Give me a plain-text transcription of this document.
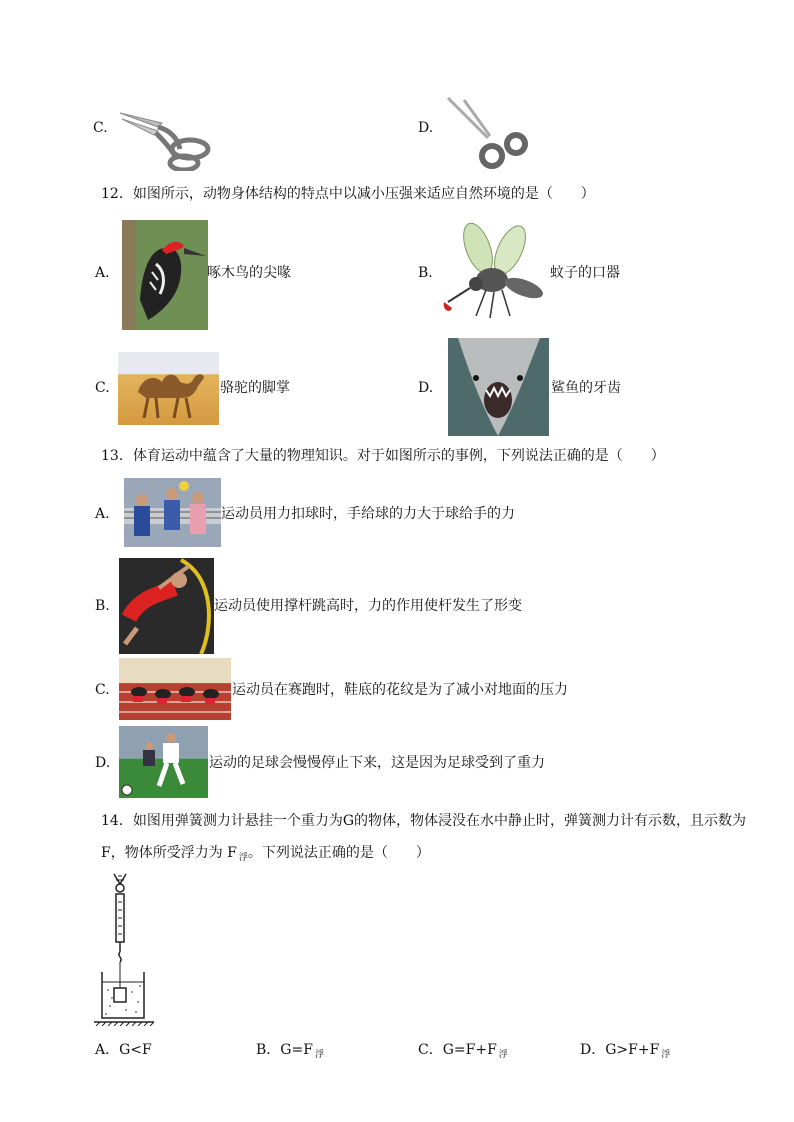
C.	D.
12．如图所示，动物身体结构的特点中以减小压强来适应自然环境的是（　　）
A.	啄木鸟的尖喙	B.	蚊子的口器
C.	骆驼的脚掌	D.	鲨鱼的牙齿
13．体育运动中蕴含了大量的物理知识。对于如图所示的事例，下列说法正确的是（　　）
A.	运动员用力扣球时，手给球的力大于球给手的力
B.	运动员使用撑杆跳高时，力的作用使杆发生了形变
C.	运动员在赛跑时，鞋底的花纹是为了减小对地面的压力
D.	运动的足球会慢慢停止下来，这是因为足球受到了重力
14．如图用弹簧测力计悬挂一个重力为G的物体，物体浸没在水中静止时，弹簧测力计有示数，且示数为
F，物体所受浮力为 F $_浮$。下列说法正确的是（　　）
A．G<F	B．G=F $_浮$	C．G=F+F $_浮$	D．G>F+F $_浮$
